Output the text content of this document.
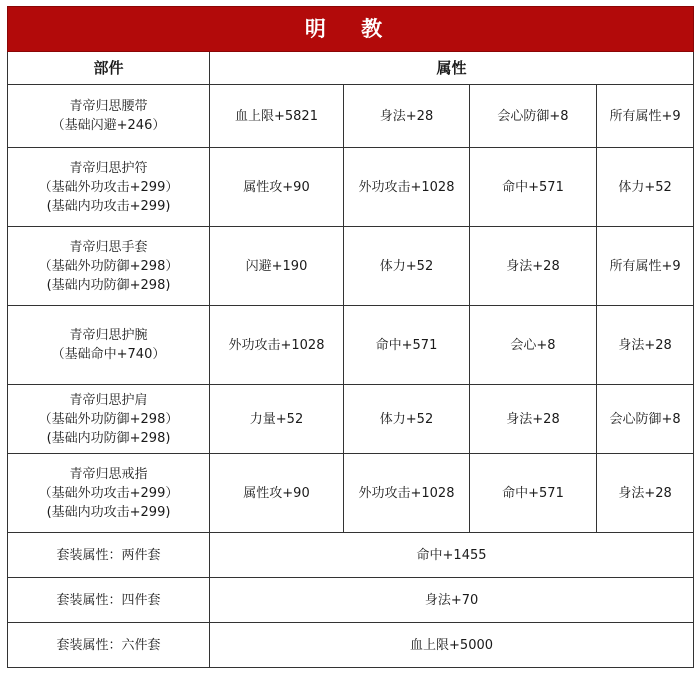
明 教				
部件	属性			

青帝归思腰带
（基础闪避+246）	血上限+5821	身法+28	会心防御+8	所有属性+9

青帝归思护符
（基础外功攻击+299）
(基础内功攻击+299)	属性攻+90	外功攻击+1028	命中+571	体力+52

青帝归思手套
（基础外功防御+298）
(基础内功防御+298)	闪避+190	体力+52	身法+28	所有属性+9

青帝归思护腕
（基础命中+740）	外功攻击+1028	命中+571	会心+8	身法+28

青帝归思护肩
（基础外功防御+298）
(基础内功防御+298)	力量+52	体力+52	身法+28	会心防御+8

青帝归思戒指
（基础外功攻击+299）
(基础内功攻击+299)	属性攻+90	外功攻击+1028	命中+571	身法+28
套装属性：两件套	命中+1455			
套装属性：四件套	身法+70			
套装属性：六件套	血上限+5000			
